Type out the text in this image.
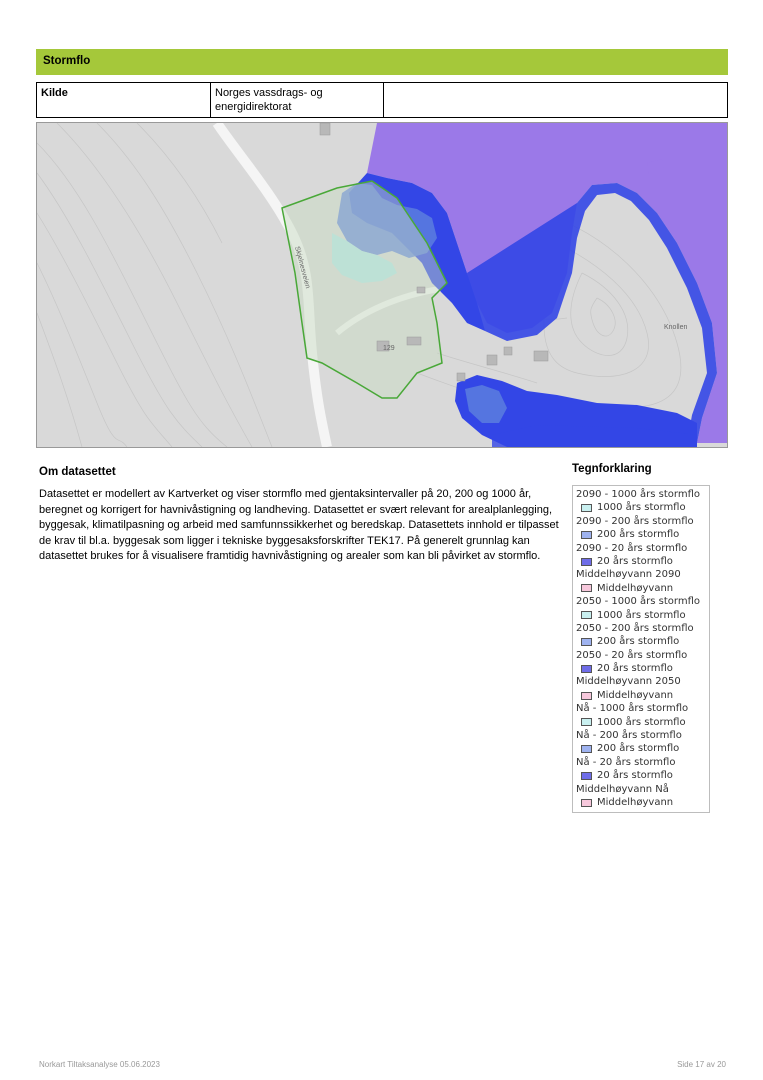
Stormflo
Kilde	Norges vassdrags- og
energidirektorat
Skjelnesveien
Knollen
129
Om datasettet
Datasettet er modellert av Kartverket og viser stormflo med gjentaksintervaller på 20, 200 og 1000 år, beregnet og korrigert for havnivåstigning og landheving. Datasettet er svært relevant for arealplanlegging, byggesak, klimatilpasning og arbeid med samfunnssikkerhet og beredskap. Datasettets innhold er tilpasset de krav til bl.a. byggesak som ligger i tekniske byggesaksforskrifter TEK17. På generelt grunnlag kan datasettet brukes for å visualisere framtidig havnivåstigning og arealer som kan bli påvirket av stormflo.
Tegnforklaring
2090 - 1000 års stormflo
1000 års stormflo
2090 - 200 års stormflo
200 års stormflo
2090 - 20 års stormflo
20 års stormflo
Middelhøyvann 2090
Middelhøyvann
2050 - 1000 års stormflo
1000 års stormflo
2050 - 200 års stormflo
200 års stormflo
2050 - 20 års stormflo
20 års stormflo
Middelhøyvann 2050
Middelhøyvann
Nå - 1000 års stormflo
1000 års stormflo
Nå - 200 års stormflo
200 års stormflo
Nå - 20 års stormflo
20 års stormflo
Middelhøyvann Nå
Middelhøyvann
Norkart Tiltaksanalyse 05.06.2023	Side 17 av 20
